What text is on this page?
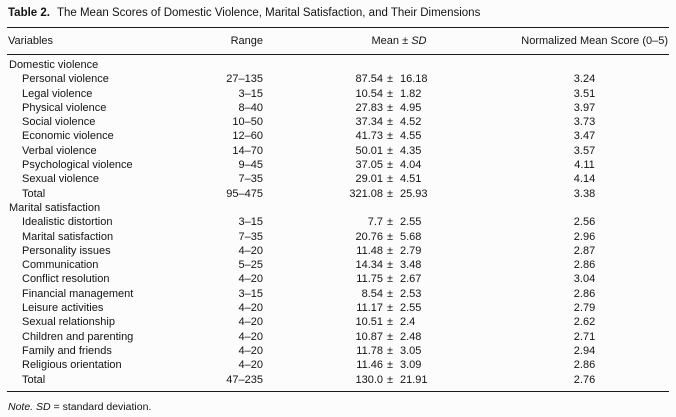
Table 2. The Mean Scores of Domestic Violence, Marital Satisfaction, and Their Dimensions
Variables	Range	Mean ± SD	Normalized Mean Score (0–5)
Domestic violence			
Personal violence	27–135	87.54 ± 16.18	3.24
Legal violence	3–15	10.54 ± 1.82	3.51
Physical violence	8–40	27.83 ± 4.95	3.97
Social violence	10–50	37.34 ± 4.52	3.73
Economic violence	12–60	41.73 ± 4.55	3.47
Verbal violence	14–70	50.01 ± 4.35	3.57
Psychological violence	9–45	37.05 ± 4.04	4.11
Sexual violence	7–35	29.01 ± 4.51	4.14
Total	95–475	321.08 ± 25.93	3.38
Marital satisfaction			
Idealistic distortion	3–15	7.7 ± 2.55	2.56
Marital satisfaction	7–35	20.76 ± 5.68	2.96
Personality issues	4–20	11.48 ± 2.79	2.87
Communication	5–25	14.34 ± 3.48	2.86
Conflict resolution	4–20	11.75 ± 2.67	3.04
Financial management	3–15	8.54 ± 2.53	2.86
Leisure activities	4–20	11.17 ± 2.55	2.79
Sexual relationship	4–20	10.51 ± 2.4	2.62
Children and parenting	4–20	10.87 ± 2.48	2.71
Family and friends	4–20	11.78 ± 3.05	2.94
Religious orientation	4–20	11.46 ± 3.09	2.86
Total	47–235	130.0 ± 21.91	2.76
Note. SD = standard deviation.
